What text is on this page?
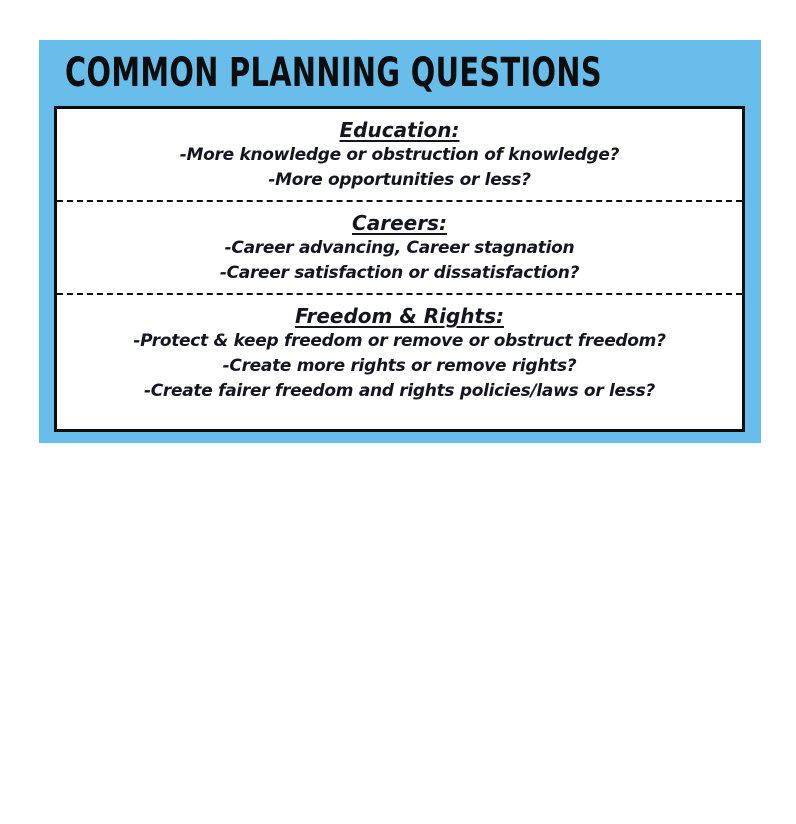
COMMON PLANNING QUESTIONS
Education:
-More knowledge or obstruction of knowledge?
-More opportunities or less?
Careers:
-Career advancing, Career stagnation
-Career satisfaction or dissatisfaction?
Freedom & Rights:
-Protect & keep freedom or remove or obstruct freedom?
-Create more rights or remove rights?
-Create fairer freedom and rights policies/laws or less?
